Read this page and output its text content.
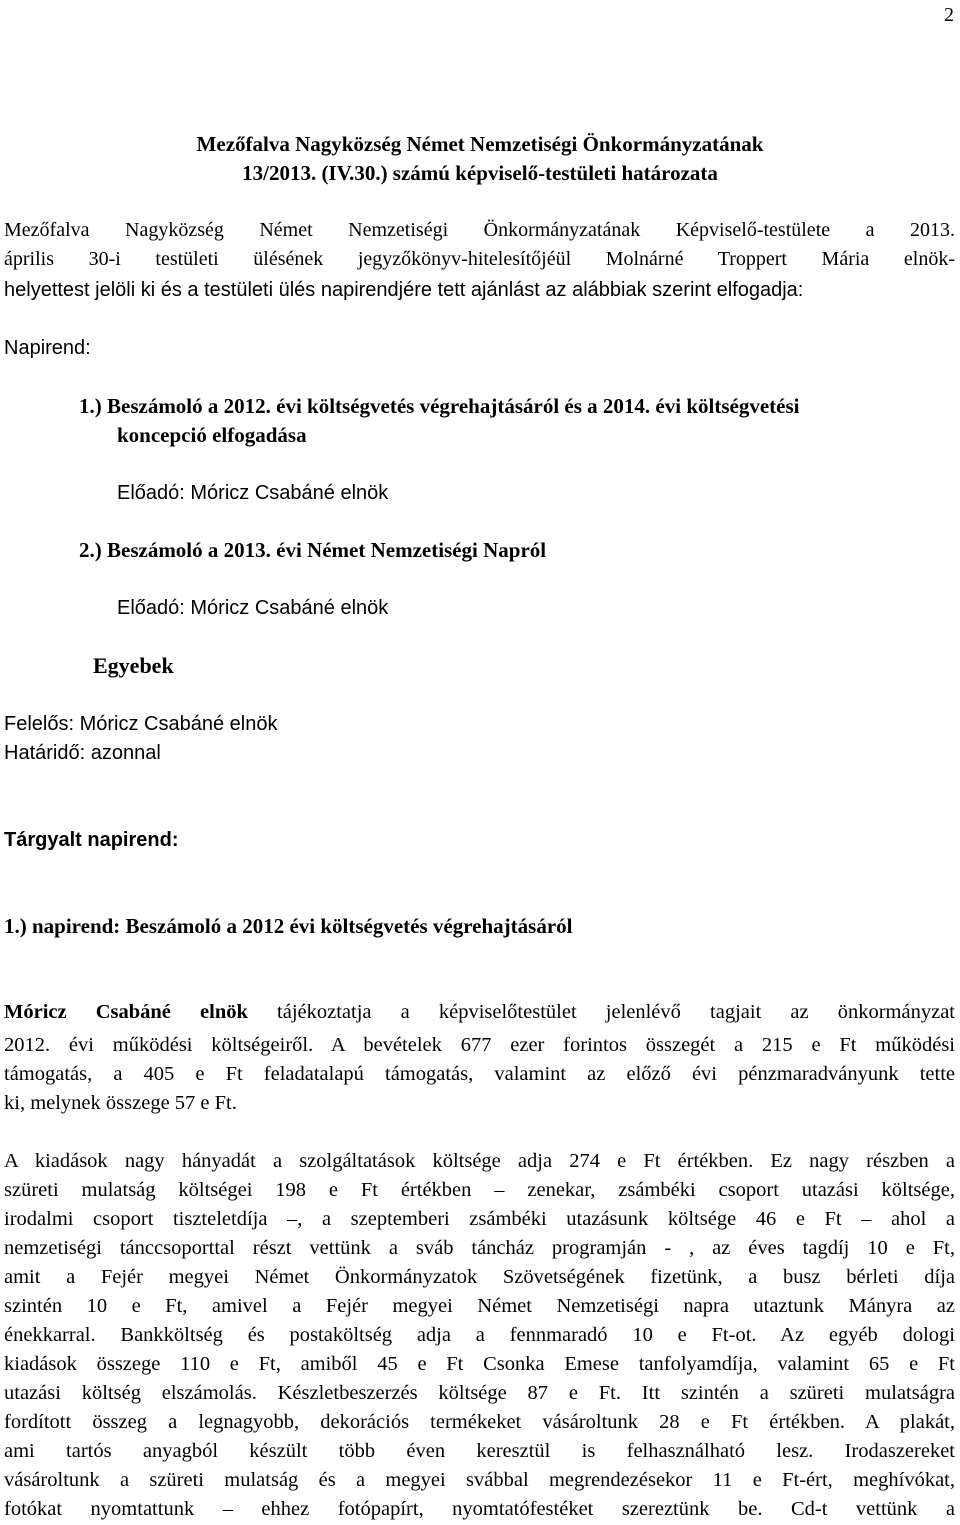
2
Mezőfalva Nagyközség Német Nemzetiségi Önkormányzatának
13/2013. (IV.30.) számú képviselő-testületi határozata
Mezőfalva Nagyközség Német Nemzetiségi Önkormányzatának Képviselő-testülete a 2013.
április 30-i testületi ülésének jegyzőkönyv-hitelesítőjéül Molnárné Troppert Mária elnök-
helyettest jelöli ki és a testületi ülés napirendjére tett ajánlást az alábbiak szerint elfogadja:
Napirend:
1.) Beszámoló a 2012. évi költségvetés végrehajtásáról és a 2014. évi költségvetési
koncepció elfogadása
Előadó: Móricz Csabáné elnök
2.) Beszámoló a 2013. évi Német Nemzetiségi Napról
Előadó: Móricz Csabáné elnök
Egyebek
Felelős: Móricz Csabáné elnök
Határidő: azonnal
Tárgyalt napirend:
1.) napirend: Beszámoló a 2012 évi költségvetés végrehajtásáról
Móricz Csabáné elnök tájékoztatja a képviselőtestület jelenlévő tagjait az önkormányzat
2012. évi működési költségeiről. A bevételek 677 ezer forintos összegét a 215 e Ft működési
támogatás, a 405 e Ft feladatalapú támogatás, valamint az előző évi pénzmaradványunk tette
ki, melynek összege 57 e Ft.
A kiadások nagy hányadát a szolgáltatások költsége adja 274 e Ft értékben. Ez nagy részben a
szüreti mulatság költségei 198 e Ft értékben – zenekar, zsámbéki csoport utazási költsége,
irodalmi csoport tiszteletdíja –, a szeptemberi zsámbéki utazásunk költsége 46 e Ft – ahol a
nemzetiségi tánccsoporttal részt vettünk a sváb táncház programján - , az éves tagdíj 10 e Ft,
amit a Fejér megyei Német Önkormányzatok Szövetségének fizetünk, a busz bérleti díja
szintén 10 e Ft, amivel a Fejér megyei Német Nemzetiségi napra utaztunk Mányra az
énekkarral. Bankköltség és postaköltség adja a fennmaradó 10 e Ft-ot. Az egyéb dologi
kiadások összege 110 e Ft, amiből 45 e Ft Csonka Emese tanfolyamdíja, valamint 65 e Ft
utazási költség elszámolás. Készletbeszerzés költsége 87 e Ft. Itt szintén a szüreti mulatságra
fordított összeg a legnagyobb, dekorációs termékeket vásároltunk 28 e Ft értékben. A plakát,
ami tartós anyagból készült több éven keresztül is felhasználható lesz. Irodaszereket
vásároltunk a szüreti mulatság és a megyei svábbal megrendezésekor 11 e Ft-ért, meghívókat,
fotókat nyomtattunk – ehhez fotópapírt, nyomtatófestéket szereztünk be. Cd-t vettünk a
